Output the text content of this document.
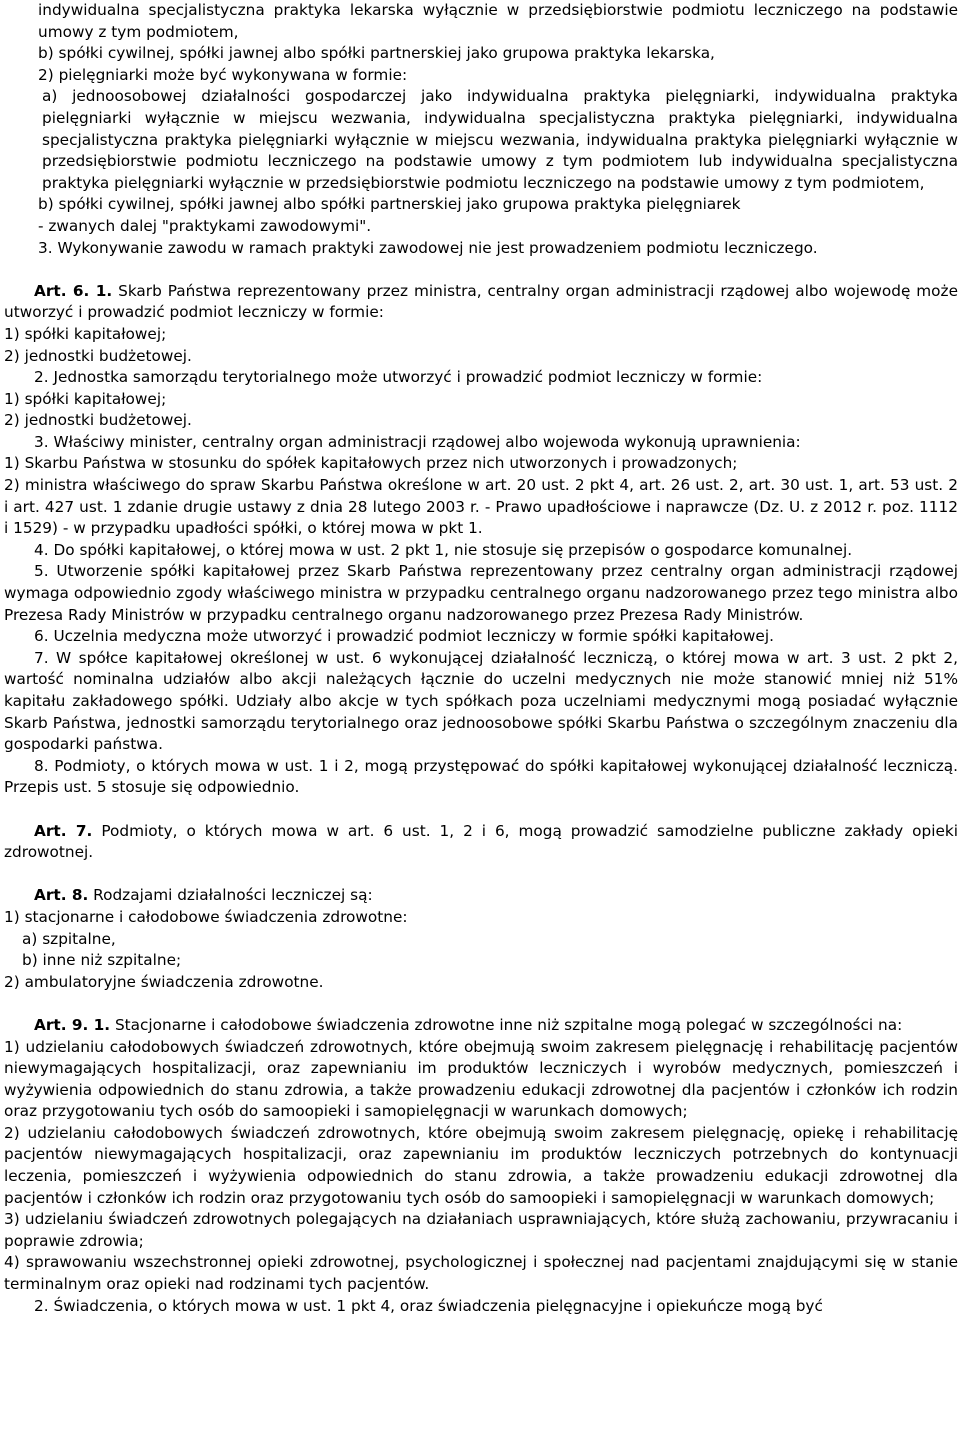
indywidualna specjalistyczna praktyka lekarska wyłącznie w przedsiębiorstwie podmiotu leczniczego na podstawie umowy z tym podmiotem,

b) spółki cywilnej, spółki jawnej albo spółki partnerskiej jako grupowa praktyka lekarska,

2) pielęgniarki może być wykonywana w formie:

a) jednoosobowej działalności gospodarczej jako indywidualna praktyka pielęgniarki, indywidualna praktyka pielęgniarki wyłącznie w miejscu wezwania, indywidualna specjalistyczna praktyka pielęgniarki, indywidualna specjalistyczna praktyka pielęgniarki wyłącznie w miejscu wezwania, indywidualna praktyka pielęgniarki wyłącznie w przedsiębiorstwie podmiotu leczniczego na podstawie umowy z tym podmiotem lub indywidualna specjalistyczna praktyka pielęgniarki wyłącznie w przedsiębiorstwie podmiotu leczniczego na podstawie umowy z tym podmiotem,

b) spółki cywilnej, spółki jawnej albo spółki partnerskiej jako grupowa praktyka pielęgniarek

- zwanych dalej "praktykami zawodowymi".

3. Wykonywanie zawodu w ramach praktyki zawodowej nie jest prowadzeniem podmiotu leczniczego.

Art. 6. 1. Skarb Państwa reprezentowany przez ministra, centralny organ administracji rządowej albo wojewodę może utworzyć i prowadzić podmiot leczniczy w formie:

1) spółki kapitałowej;

2) jednostki budżetowej.

2. Jednostka samorządu terytorialnego może utworzyć i prowadzić podmiot leczniczy w formie:

1) spółki kapitałowej;

2) jednostki budżetowej.

3. Właściwy minister, centralny organ administracji rządowej albo wojewoda wykonują uprawnienia:

1) Skarbu Państwa w stosunku do spółek kapitałowych przez nich utworzonych i prowadzonych;

2) ministra właściwego do spraw Skarbu Państwa określone w art. 20 ust. 2 pkt 4, art. 26 ust. 2, art. 30 ust. 1, art. 53 ust. 2 i art. 427 ust. 1 zdanie drugie ustawy z dnia 28 lutego 2003 r. - Prawo upadłościowe i naprawcze (Dz. U. z 2012 r. poz. 1112 i 1529) - w przypadku upadłości spółki, o której mowa w pkt 1.

4. Do spółki kapitałowej, o której mowa w ust. 2 pkt 1, nie stosuje się przepisów o gospodarce komunalnej.

5. Utworzenie spółki kapitałowej przez Skarb Państwa reprezentowany przez centralny organ administracji rządowej wymaga odpowiednio zgody właściwego ministra w przypadku centralnego organu nadzorowanego przez tego ministra albo Prezesa Rady Ministrów w przypadku centralnego organu nadzorowanego przez Prezesa Rady Ministrów.

6. Uczelnia medyczna może utworzyć i prowadzić podmiot leczniczy w formie spółki kapitałowej.

7. W spółce kapitałowej określonej w ust. 6 wykonującej działalność leczniczą, o której mowa w art. 3 ust. 2 pkt 2, wartość nominalna udziałów albo akcji należących łącznie do uczelni medycznych nie może stanowić mniej niż 51% kapitału zakładowego spółki. Udziały albo akcje w tych spółkach poza uczelniami medycznymi mogą posiadać wyłącznie Skarb Państwa, jednostki samorządu terytorialnego oraz jednoosobowe spółki Skarbu Państwa o szczególnym znaczeniu dla gospodarki państwa.

8. Podmioty, o których mowa w ust. 1 i 2, mogą przystępować do spółki kapitałowej wykonującej działalność leczniczą. Przepis ust. 5 stosuje się odpowiednio.

Art. 7. Podmioty, o których mowa w art. 6 ust. 1, 2 i 6, mogą prowadzić samodzielne publiczne zakłady opieki zdrowotnej.

Art. 8. Rodzajami działalności leczniczej są:

1) stacjonarne i całodobowe świadczenia zdrowotne:

a) szpitalne,

b) inne niż szpitalne;

2) ambulatoryjne świadczenia zdrowotne.

Art. 9. 1. Stacjonarne i całodobowe świadczenia zdrowotne inne niż szpitalne mogą polegać w szczególności na:

1) udzielaniu całodobowych świadczeń zdrowotnych, które obejmują swoim zakresem pielęgnację i rehabilitację pacjentów niewymagających hospitalizacji, oraz zapewnianiu im produktów leczniczych i wyrobów medycznych, pomieszczeń i wyżywienia odpowiednich do stanu zdrowia, a także prowadzeniu edukacji zdrowotnej dla pacjentów i członków ich rodzin oraz przygotowaniu tych osób do samoopieki i samopielęgnacji w warunkach domowych;

2) udzielaniu całodobowych świadczeń zdrowotnych, które obejmują swoim zakresem pielęgnację, opiekę i rehabilitację pacjentów niewymagających hospitalizacji, oraz zapewnianiu im produktów leczniczych potrzebnych do kontynuacji leczenia, pomieszczeń i wyżywienia odpowiednich do stanu zdrowia, a także prowadzeniu edukacji zdrowotnej dla pacjentów i członków ich rodzin oraz przygotowaniu tych osób do samoopieki i samopielęgnacji w warunkach domowych;

3) udzielaniu świadczeń zdrowotnych polegających na działaniach usprawniających, które służą zachowaniu, przywracaniu i poprawie zdrowia;

4) sprawowaniu wszechstronnej opieki zdrowotnej, psychologicznej i społecznej nad pacjentami znajdującymi się w stanie terminalnym oraz opieki nad rodzinami tych pacjentów.

2. Świadczenia, o których mowa w ust. 1 pkt 4, oraz świadczenia pielęgnacyjne i opiekuńcze mogą być
